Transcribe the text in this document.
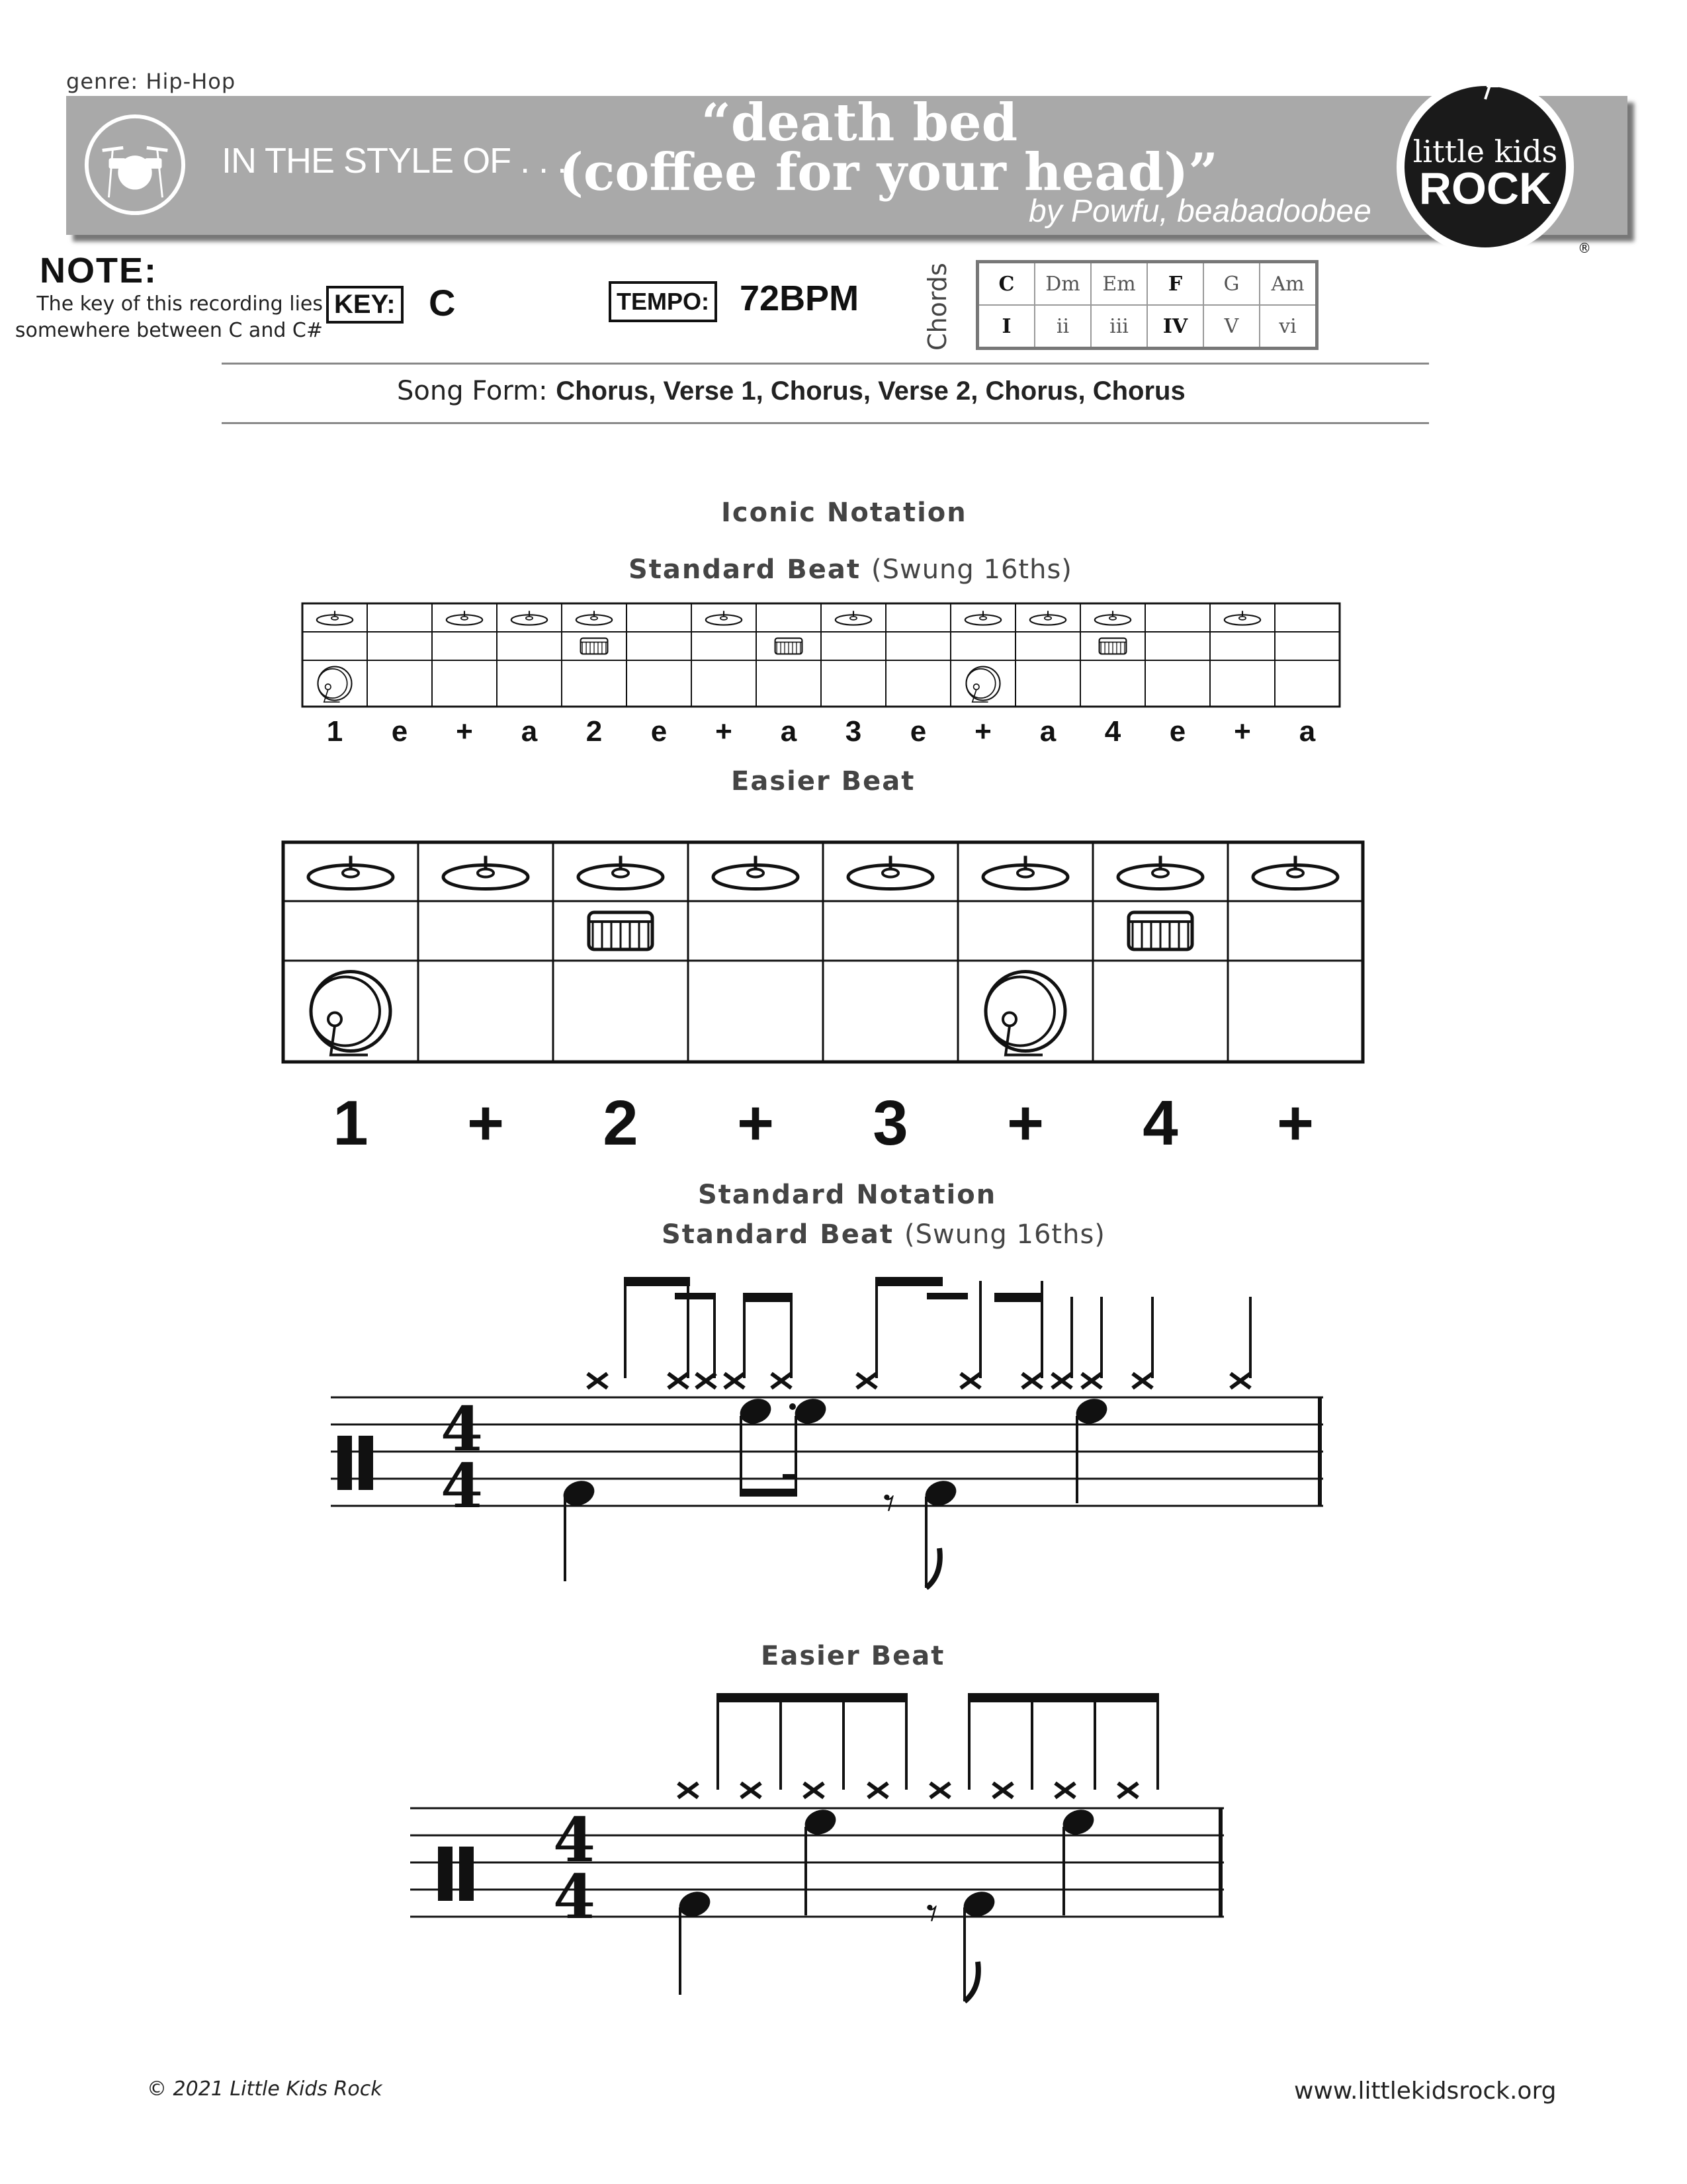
genre: Hip-Hop
IN THE STYLE OF . . .
“death bed
(coffee for your head)”
by Powfu, beabadoobee
little kids
ROCK
®
NOTE:
The key of this recording lies
somewhere between C and C#
KEY: C	TEMPO: 72BPM	Chords C	Dm	Em	F	G	Am
I	ii	iii	IV	V	vi
Song Form: Chorus, Verse 1, Chorus, Verse 2, Chorus, Chorus
Iconic Notation
Standard Beat (Swung 16ths)
1 e + a 2 e + a 3 e + a 4 e + a
Easier Beat
1 + 2 + 3 + 4 +
Standard Notation
Standard Beat (Swung 16ths)
4
4	𝄾
Easier Beat
4
4	𝄾
© 2021 Little Kids Rock	www.littlekidsrock.org
